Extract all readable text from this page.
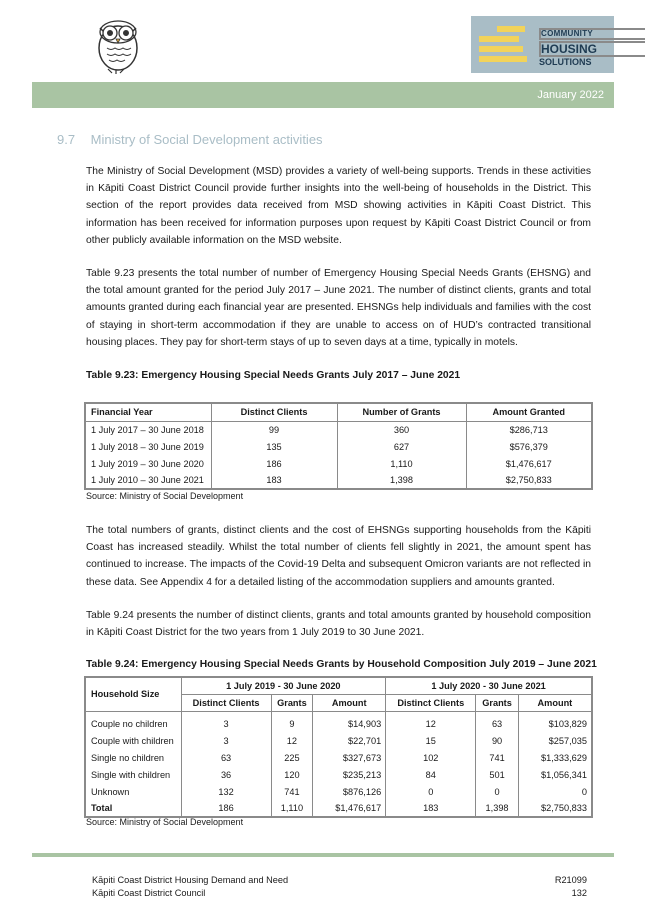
COMMUNITY
HOUSING
SOLUTIONS
January 2022
9.7 Ministry of Social Development activities

The Ministry of Social Development (MSD) provides a variety of well-being supports. Trends in these activities in Kāpiti Coast District Council provide further insights into the well-being of households in the District. This section of the report provides data received from MSD showing activities in Kāpiti Coast District. This information has been received for information purposes upon request by Kāpiti Coast District Council or from other publicly available information on the MSD website.

Table 9.23 presents the total number of number of Emergency Housing Special Needs Grants (EHSNG) and the total amount granted for the period July 2017 – June 2021. The number of distinct clients, grants and total amounts granted during each financial year are presented. EHSNGs help individuals and families with the cost of staying in short-term accommodation if they are unable to access on of HUD’s contracted transitional housing places. They pay for short-term stays of up to seven days at a time, typically in motels.

Table 9.23: Emergency Housing Special Needs Grants July 2017 – June 2021
Financial Year	Distinct Clients	Number of Grants	Amount Granted
1 July 2017 – 30 June 2018	99	360	$286,713
1 July 2018 – 30 June 2019	135	627	$576,379
1 July 2019 – 30 June 2020	186	1,110	$1,476,617
1 July 2010 – 30 June 2021	183	1,398	$2,750,833
Source: Ministry of Social Development

The total numbers of grants, distinct clients and the cost of EHSNGs supporting households from the Kāpiti Coast has increased steadily. Whilst the total number of clients fell slightly in 2021, the amount spent has continued to increase. The impacts of the Covid-19 Delta and subsequent Omicron variants are not reflected in these data. See Appendix 4 for a detailed listing of the accommodation suppliers and amounts granted.

Table 9.24 presents the number of distinct clients, grants and total amounts granted by household composition in Kāpiti Coast District for the two years from 1 July 2019 to 30 June 2021.

Table 9.24: Emergency Housing Special Needs Grants by Household Composition July 2019 – June 2021
Household Size	1 July 2019 - 30 June 2020			1 July 2020 - 30 June 2021		
	Distinct Clients	Grants	Amount	Distinct Clients	Grants	Amount
Couple no children	3	9	$14,903	12	63	$103,829
Couple with children	3	12	$22,701	15	90	$257,035
Single no children	63	225	$327,673	102	741	$1,333,629
Single with children	36	120	$235,213	84	501	$1,056,341
Unknown	132	741	$876,126	0	0	0
Total	186	1,110	$1,476,617	183	1,398	$2,750,833
Source: Ministry of Social Development
Kāpiti Coast District Housing Demand and Need
Kāpiti Coast District Council
R21099
132
